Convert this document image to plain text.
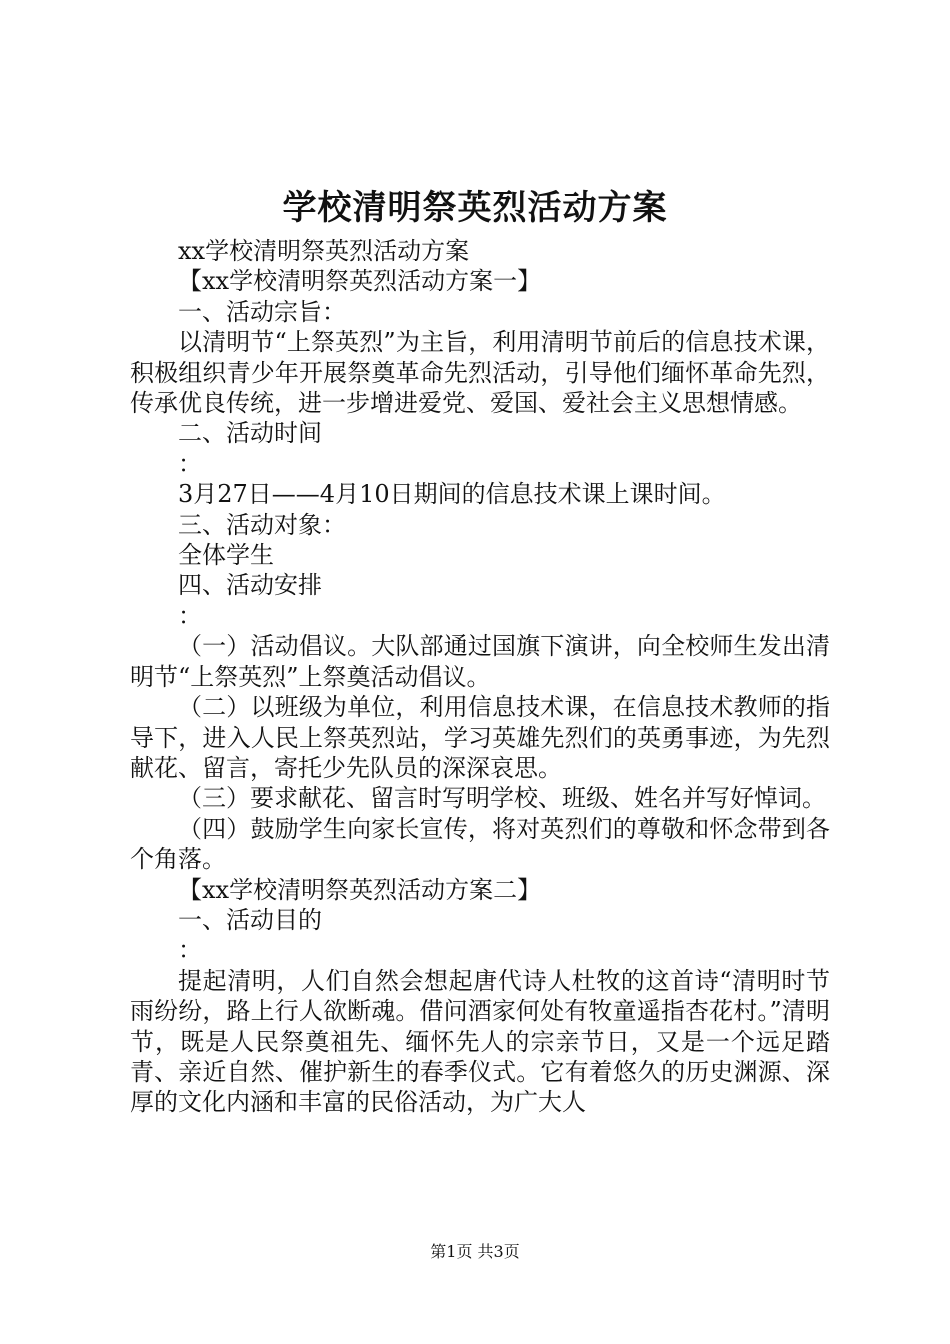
学校清明祭英烈活动方案

xx学校清明祭英烈活动方案

【xx学校清明祭英烈活动方案一】

一、活动宗旨：

以清明节“上祭英烈”为主旨，利用清明节前后的信息技术课，积极组织青少年开展祭奠革命先烈活动，引导他们缅怀革命先烈，传承优良传统，进一步增进爱党、爱国、爱社会主义思想情感。

二、活动时间

：

3月27日——4月10日期间的信息技术课上课时间。

三、活动对象：

全体学生

四、活动安排

：

（一）活动倡议。大队部通过国旗下演讲，向全校师生发出清明节“上祭英烈”上祭奠活动倡议。

（二）以班级为单位，利用信息技术课，在信息技术教师的指导下，进入人民上祭英烈站，学习英雄先烈们的英勇事迹，为先烈献花、留言，寄托少先队员的深深哀思。

（三）要求献花、留言时写明学校、班级、姓名并写好悼词。

（四）鼓励学生向家长宣传，将对英烈们的尊敬和怀念带到各个角落。

【xx学校清明祭英烈活动方案二】

一、活动目的

：

提起清明，人们自然会想起唐代诗人杜牧的这首诗“清明时节雨纷纷，路上行人欲断魂。借问酒家何处有牧童遥指杏花村。”清明节，既是人民祭奠祖先、缅怀先人的宗亲节日，又是一个远足踏青、亲近自然、催护新生的春季仪式。它有着悠久的历史渊源、深厚的文化内涵和丰富的民俗活动，为广大人

第1页 共3页
